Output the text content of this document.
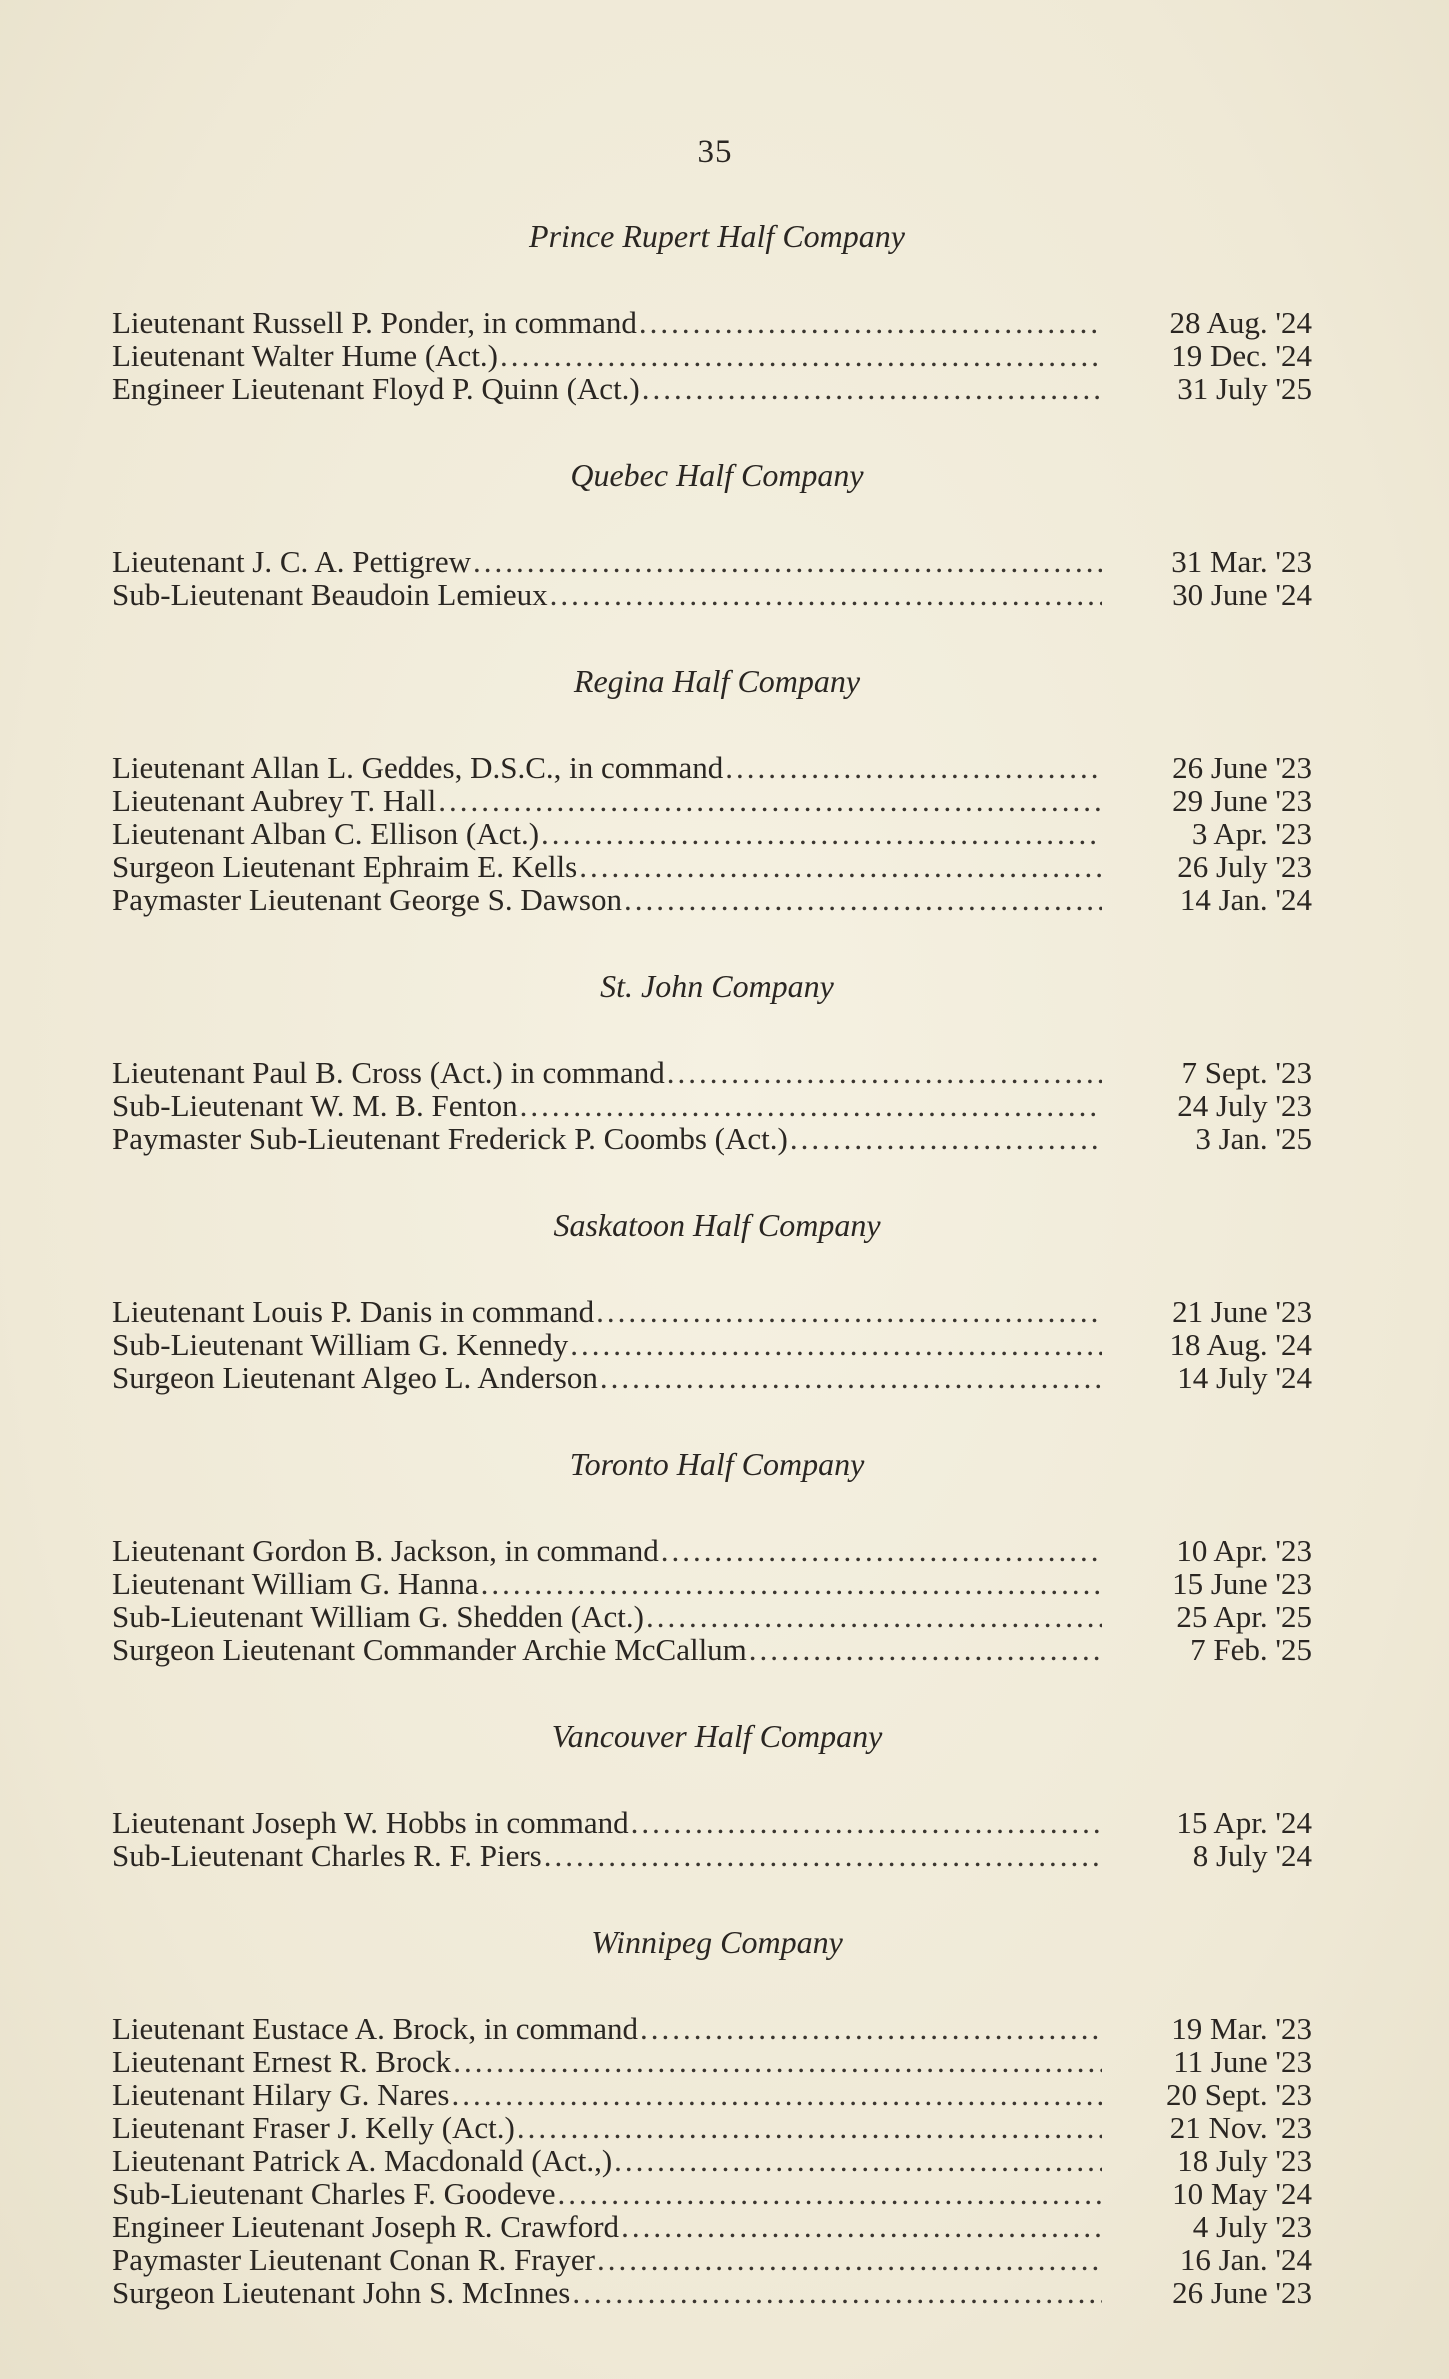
35
Prince Rupert Half Company
Lieutenant Russell P. Ponder, in command .....	28 Aug. '24
Lieutenant Walter Hume (Act.) .....	19 Dec. '24
Engineer Lieutenant Floyd P. Quinn (Act.) .....	31 July '25
Quebec Half Company
Lieutenant J. C. A. Pettigrew .....	31 Mar. '23
Sub-Lieutenant Beaudoin Lemieux .....	30 June '24
Regina Half Company
Lieutenant Allan L. Geddes, D.S.C., in command .....	26 June '23
Lieutenant Aubrey T. Hall .....	29 June '23
Lieutenant Alban C. Ellison (Act.) .....	3 Apr. '23
Surgeon Lieutenant Ephraim E. Kells .....	26 July '23
Paymaster Lieutenant George S. Dawson .....	14 Jan. '24
St. John Company
Lieutenant Paul B. Cross (Act.) in command .....	7 Sept. '23
Sub-Lieutenant W. M. B. Fenton .....	24 July '23
Paymaster Sub-Lieutenant Frederick P. Coombs (Act.) .....	3 Jan. '25
Saskatoon Half Company
Lieutenant Louis P. Danis in command .....	21 June '23
Sub-Lieutenant William G. Kennedy .....	18 Aug. '24
Surgeon Lieutenant Algeo L. Anderson .....	14 July '24
Toronto Half Company
Lieutenant Gordon B. Jackson, in command .....	10 Apr. '23
Lieutenant William G. Hanna .....	15 June '23
Sub-Lieutenant William G. Shedden (Act.) .....	25 Apr. '25
Surgeon Lieutenant Commander Archie McCallum .....	7 Feb. '25
Vancouver Half Company
Lieutenant Joseph W. Hobbs in command .....	15 Apr. '24
Sub-Lieutenant Charles R. F. Piers .....	8 July '24
Winnipeg Company
Lieutenant Eustace A. Brock, in command .....	19 Mar. '23
Lieutenant Ernest R. Brock .....	11 June '23
Lieutenant Hilary G. Nares .....	20 Sept. '23
Lieutenant Fraser J. Kelly (Act.) .....	21 Nov. '23
Lieutenant Patrick A. Macdonald (Act.,) .....	18 July '23
Sub-Lieutenant Charles F. Goodeve .....	10 May '24
Engineer Lieutenant Joseph R. Crawford .....	4 July '23
Paymaster Lieutenant Conan R. Frayer .....	16 Jan. '24
Surgeon Lieutenant John S. McInnes .....	26 June '23
